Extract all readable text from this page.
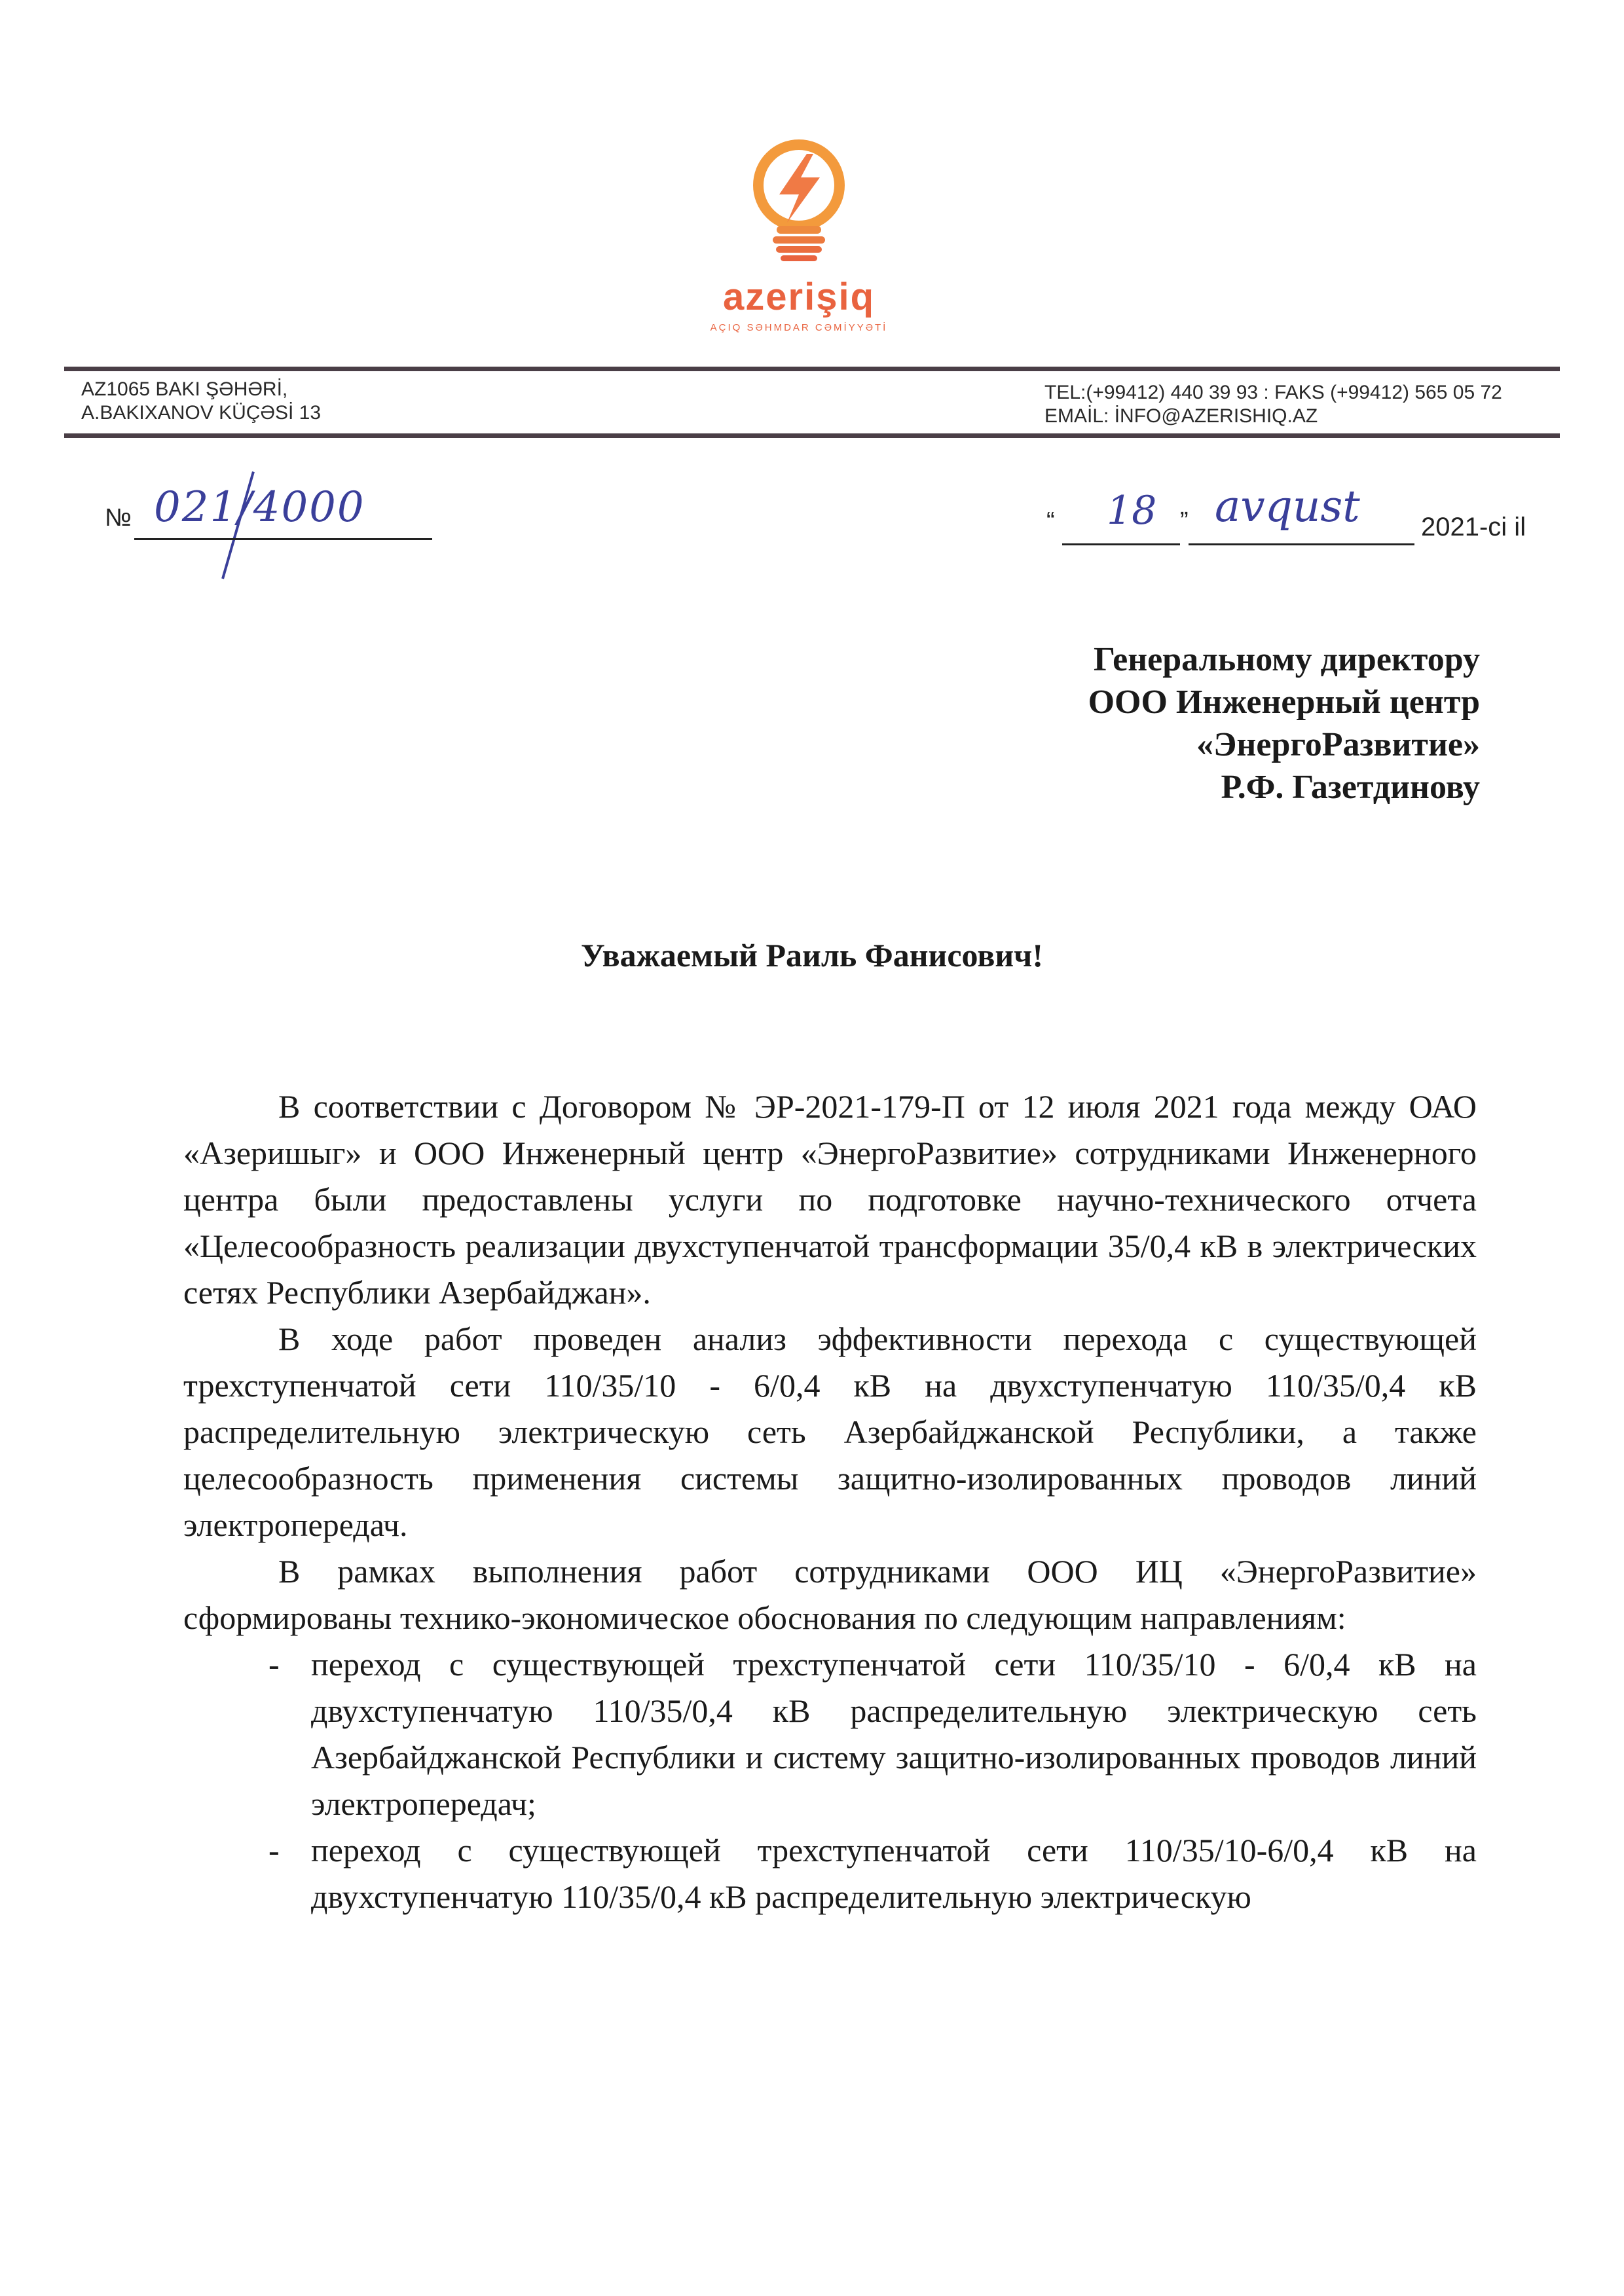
azerişiq
AÇIQ SƏHMDAR CƏMİYYƏTİ
AZ1065 BAKI ŞƏHƏRİ,
A.BAKIXANOV KÜÇƏSİ 13
TEL:(+99412) 440 39 93 : FAKS (+99412) 565 05 72
EMAİL: İNFO@AZERISHIQ.AZ
№ 021/4000	“ 18 ” avqust 2021-ci il
Генеральному директору
ООО Инженерный центр
«ЭнергоРазвитие»
Р.Ф. Газетдинову
Уважаемый Раиль Фанисович!

В соответствии с Договором № ЭР-2021-179-П от 12 июля 2021 года между ОАО «Азеришыг» и ООО Инженерный центр «ЭнергоРазвитие» сотрудниками Инженерного центра были предоставлены услуги по подготовке научно-технического отчета «Целесообразность реализации двухступенчатой трансформации 35/0,4 кВ в электрических сетях Республики Азербайджан».

В ходе работ проведен анализ эффективности перехода с существующей трехступенчатой сети 110/35/10 - 6/0,4 кВ на двухступенчатую 110/35/0,4 кВ распределительную электрическую сеть Азербайджанской Республики, а также целесообразность применения системы защитно-изолированных проводов линий электропередач.

В рамках выполнения работ сотрудниками ООО ИЦ «ЭнергоРазвитие» сформированы технико-экономическое обоснования по следующим направлениям:

- переход с существующей трехступенчатой сети 110/35/10 - 6/0,4 кВ на двухступенчатую 110/35/0,4 кВ распределительную электрическую сеть Азербайджанской Республики и систему защитно-изолированных проводов линий электропередач;
- переход с существующей трехступенчатой сети 110/35/10-6/0,4 кВ на двухступенчатую 110/35/0,4 кВ распределительную электрическую
